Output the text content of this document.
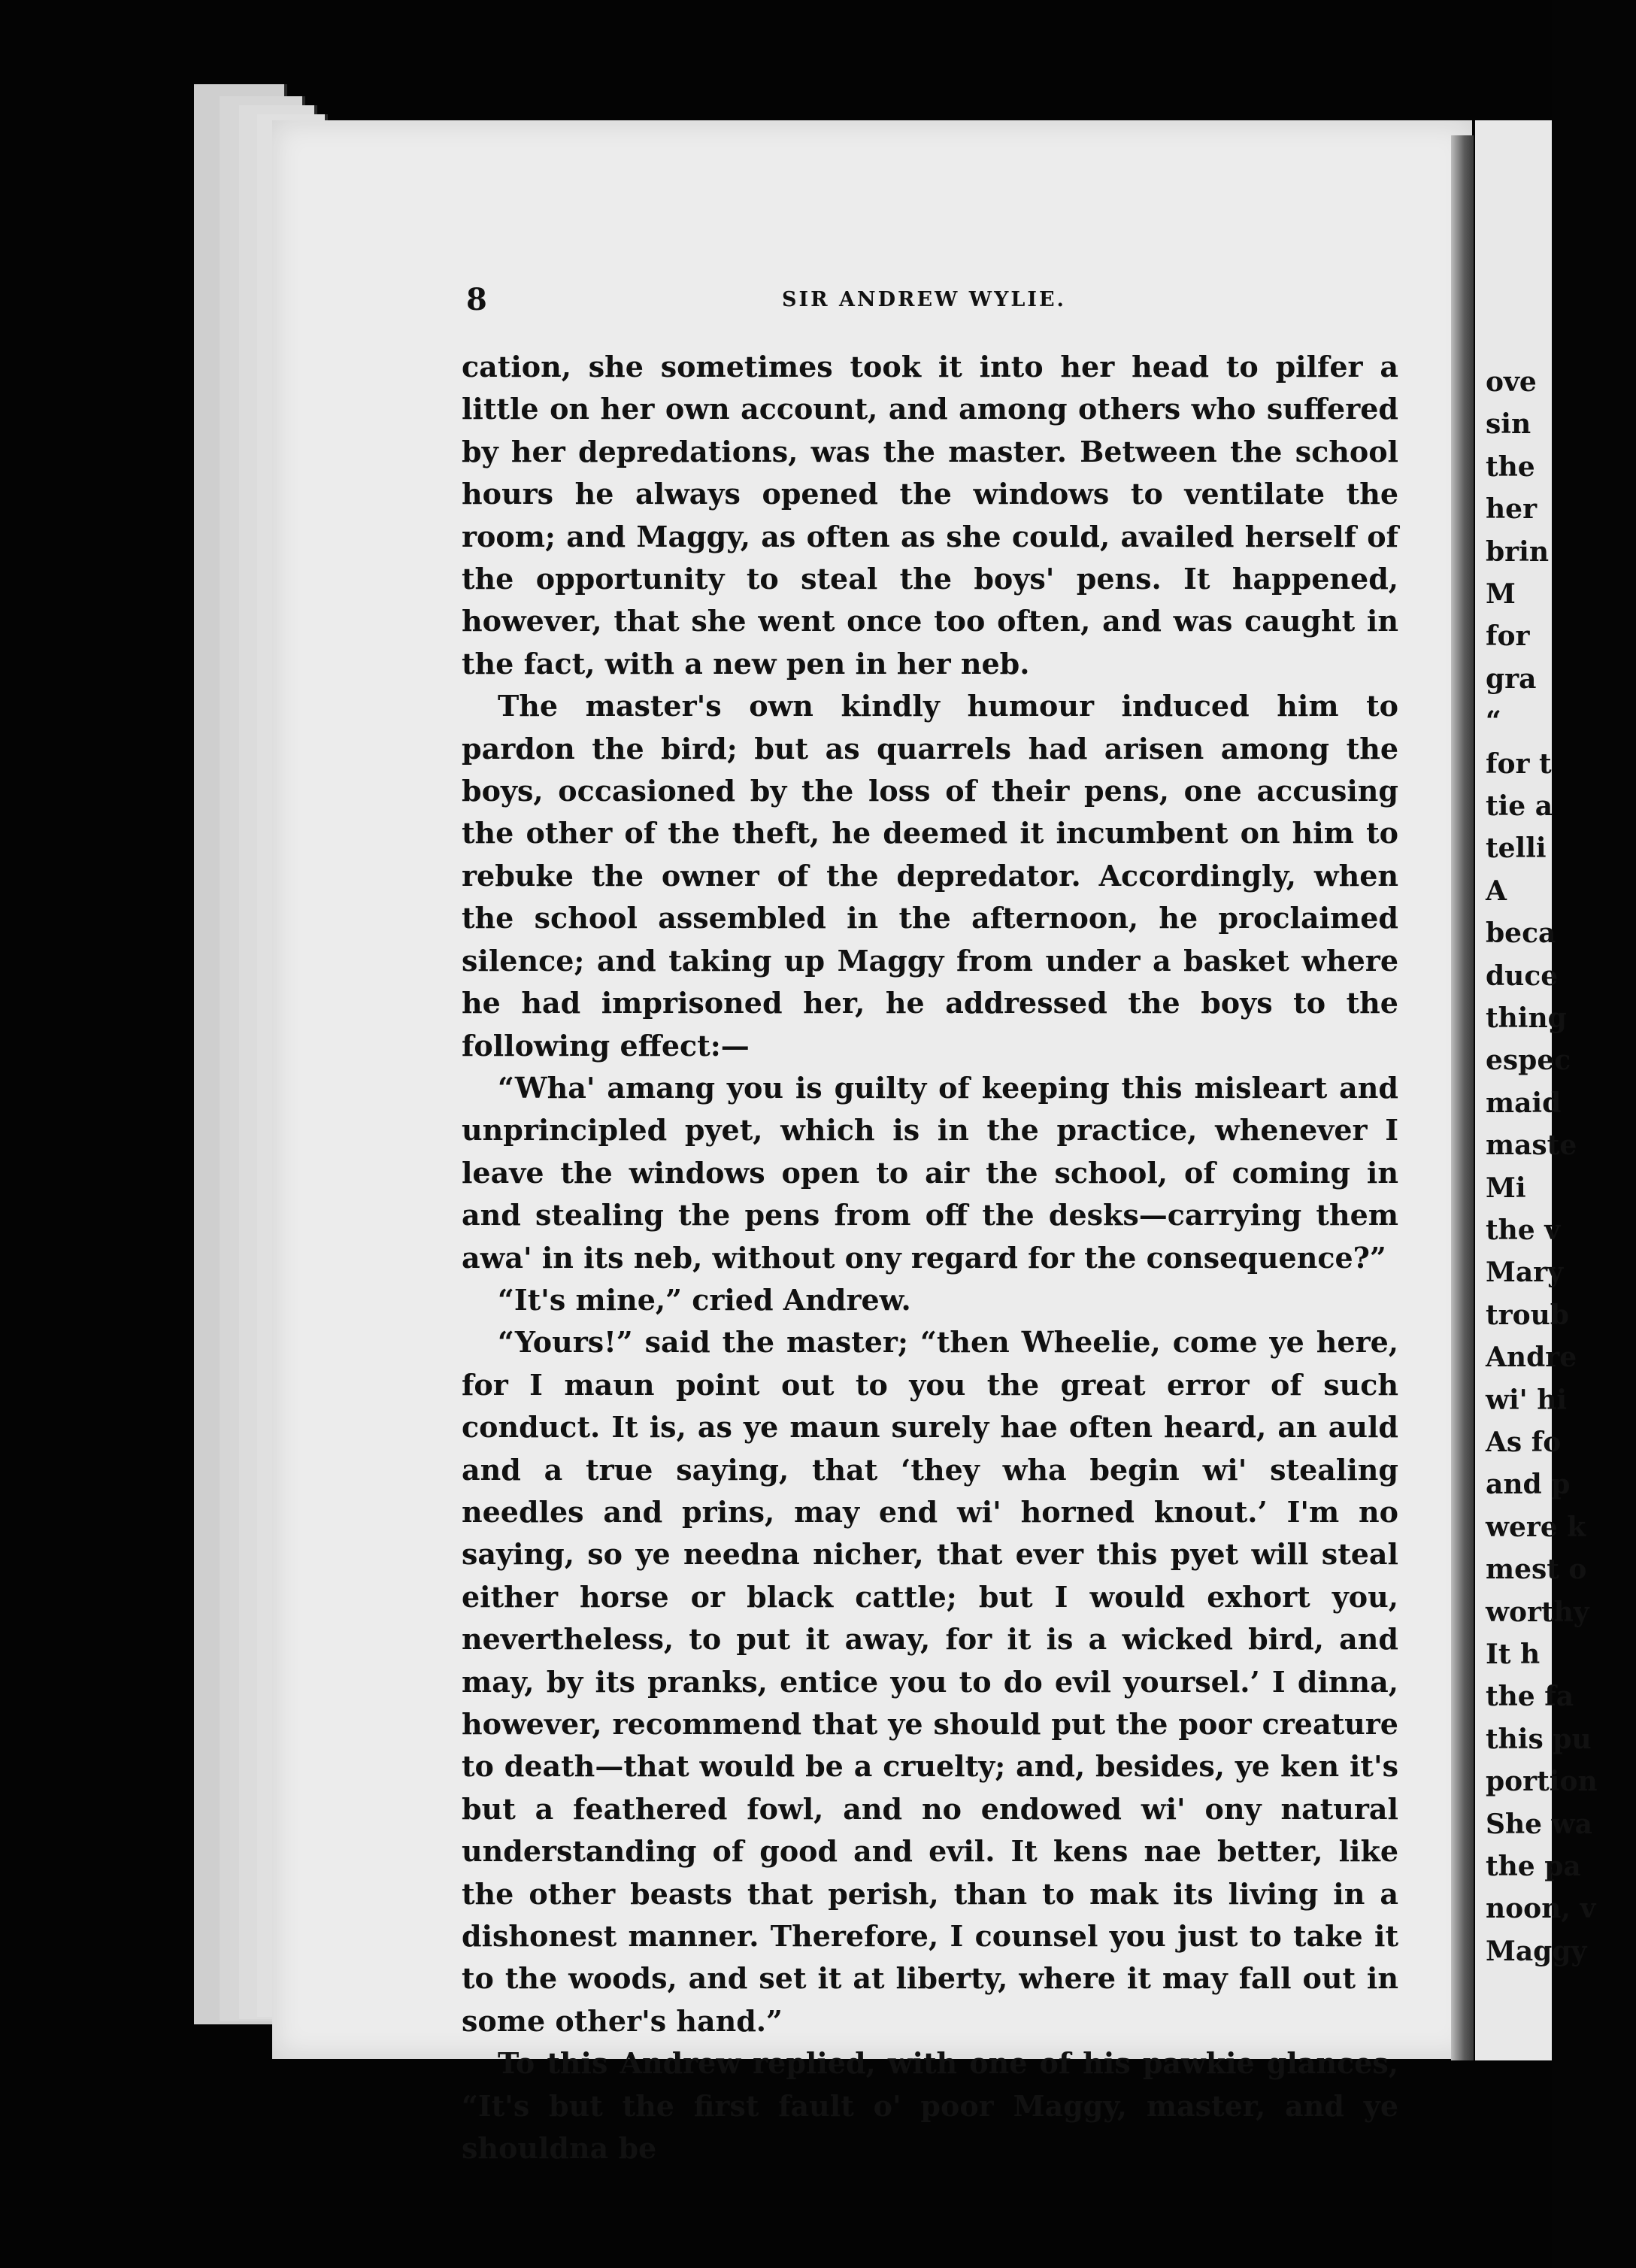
ove
sin
the
her
brin
M
for
gra
“
for t
tie a
telli
A
beca
duce
thing
espec
maid
maste
Mi
the v
Mary
troub
Andre
wi' hi
As fo
and p
were k
mest o
worthy
It h
the fa
this pu
portion
She wa
the pa
noon, v
Maggy
8	SIR ANDREW WYLIE.

cation, she sometimes took it into her head to pilfer a little on her own account, and among others who suffered by her depredations, was the master. Between the school hours he always opened the windows to ventilate the room; and Maggy, as often as she could, availed herself of the opportunity to steal the boys' pens. It happened, however, that she went once too often, and was caught in the fact, with a new pen in her neb.

The master's own kindly humour induced him to pardon the bird; but as quarrels had arisen among the boys, occasioned by the loss of their pens, one accusing the other of the theft, he deemed it incumbent on him to rebuke the owner of the depredator. Accordingly, when the school assembled in the afternoon, he proclaimed silence; and taking up Maggy from under a basket where he had imprisoned her, he addressed the boys to the following effect:—

“Wha' amang you is guilty of keeping this misleart and unprincipled pyet, which is in the practice, whenever I leave the windows open to air the school, of coming in and stealing the pens from off the desks—carrying them awa' in its neb, without ony regard for the consequence?”

“It's mine,” cried Andrew.

“Yours!” said the master; “then Wheelie, come ye here, for I maun point out to you the great error of such conduct. It is, as ye maun surely hae often heard, an auld and a true saying, that ‘they wha begin wi' stealing needles and prins, may end wi' horned knout.’ I'm no saying, so ye needna nicher, that ever this pyet will steal either horse or black cattle; but I would exhort you, nevertheless, to put it away, for it is a wicked bird, and may, by its pranks, entice you to do evil yoursel.’ I dinna, however, recommend that ye should put the poor creature to death—that would be a cruelty; and, besides, ye ken it's but a feathered fowl, and no endowed wi' ony natural understanding of good and evil. It kens nae better, like the other beasts that perish, than to mak its living in a dishonest manner. Therefore, I counsel you just to take it to the woods, and set it at liberty, where it may fall out in some other's hand.”

To this Andrew replied, with one of his pawkie glances, “It's but the first fault o' poor Maggy, master, and ye shouldna be
